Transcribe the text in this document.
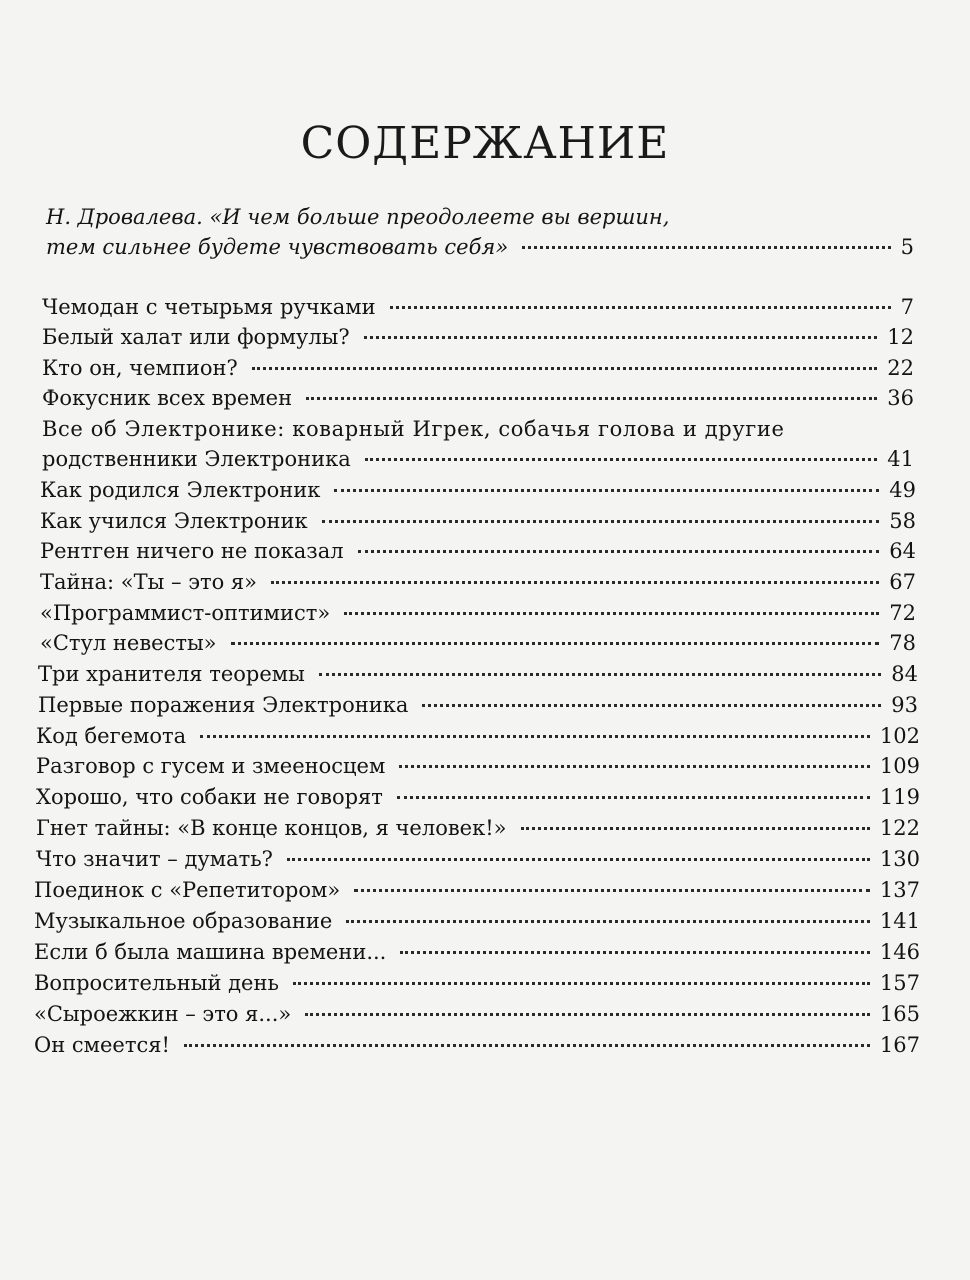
СОДЕРЖАНИЕ
Н. Дровалева. «И чем больше преодолеете вы вершин,
тем сильнее будете чувствовать себя»	5
Чемодан с четырьмя ручками	7
Белый халат или формулы?	12
Кто он, чемпион?	22
Фокусник всех времен	36
Все об Электронике: коварный Игрек, собачья голова и другие
родственники Электроника	41
Как родился Электроник	49
Как учился Электроник	58
Рентген ничего не показал	64
Тайна: «Ты – это я»	67
«Программист-оптимист»	72
«Стул невесты»	78
Три хранителя теоремы	84
Первые поражения Электроника	93
Код бегемота	102
Разговор с гусем и змееносцем	109
Хорошо, что собаки не говорят	119
Гнет тайны: «В конце концов, я человек!»	122
Что значит – думать?	130
Поединок с «Репетитором»	137
Музыкальное образование	141
Если б была машина времени...	146
Вопросительный день	157
«Сыроежкин – это я...»	165
Он смеется!	167
